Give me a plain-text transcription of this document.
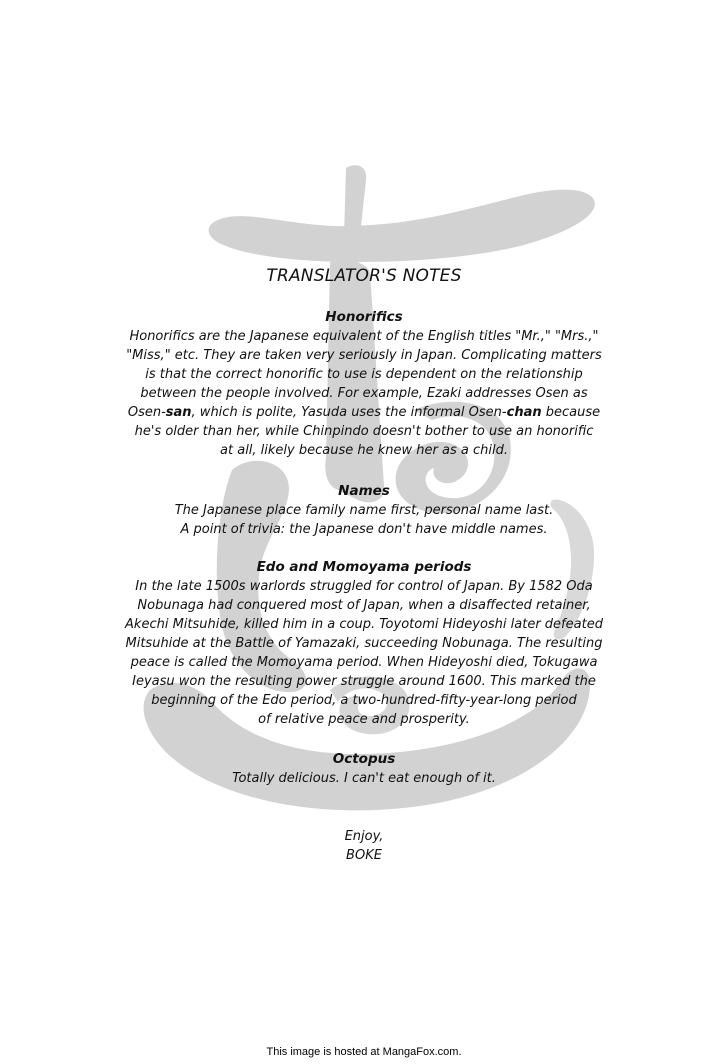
TRANSLATOR'S NOTES
Honorifics
Honorifics are the Japanese equivalent of the English titles "Mr.," "Mrs.,"
"Miss," etc. They are taken very seriously in Japan. Complicating matters
is that the correct honorific to use is dependent on the relationship
between the people involved. For example, Ezaki addresses Osen as
Osen-san, which is polite, Yasuda uses the informal Osen-chan because
he's older than her, while Chinpindo doesn't bother to use an honorific
at all, likely because he knew her as a child.
Names
The Japanese place family name first, personal name last.
A point of trivia: the Japanese don't have middle names.
Edo and Momoyama periods
In the late 1500s warlords struggled for control of Japan. By 1582 Oda
Nobunaga had conquered most of Japan, when a disaffected retainer,
Akechi Mitsuhide, killed him in a coup. Toyotomi Hideyoshi later defeated
Mitsuhide at the Battle of Yamazaki, succeeding Nobunaga. The resulting
peace is called the Momoyama period. When Hideyoshi died, Tokugawa
Ieyasu won the resulting power struggle around 1600. This marked the
beginning of the Edo period, a two-hundred-fifty-year-long period
of relative peace and prosperity.
Octopus
Totally delicious. I can't eat enough of it.
Enjoy,
BOKE
This image is hosted at MangaFox.com.
